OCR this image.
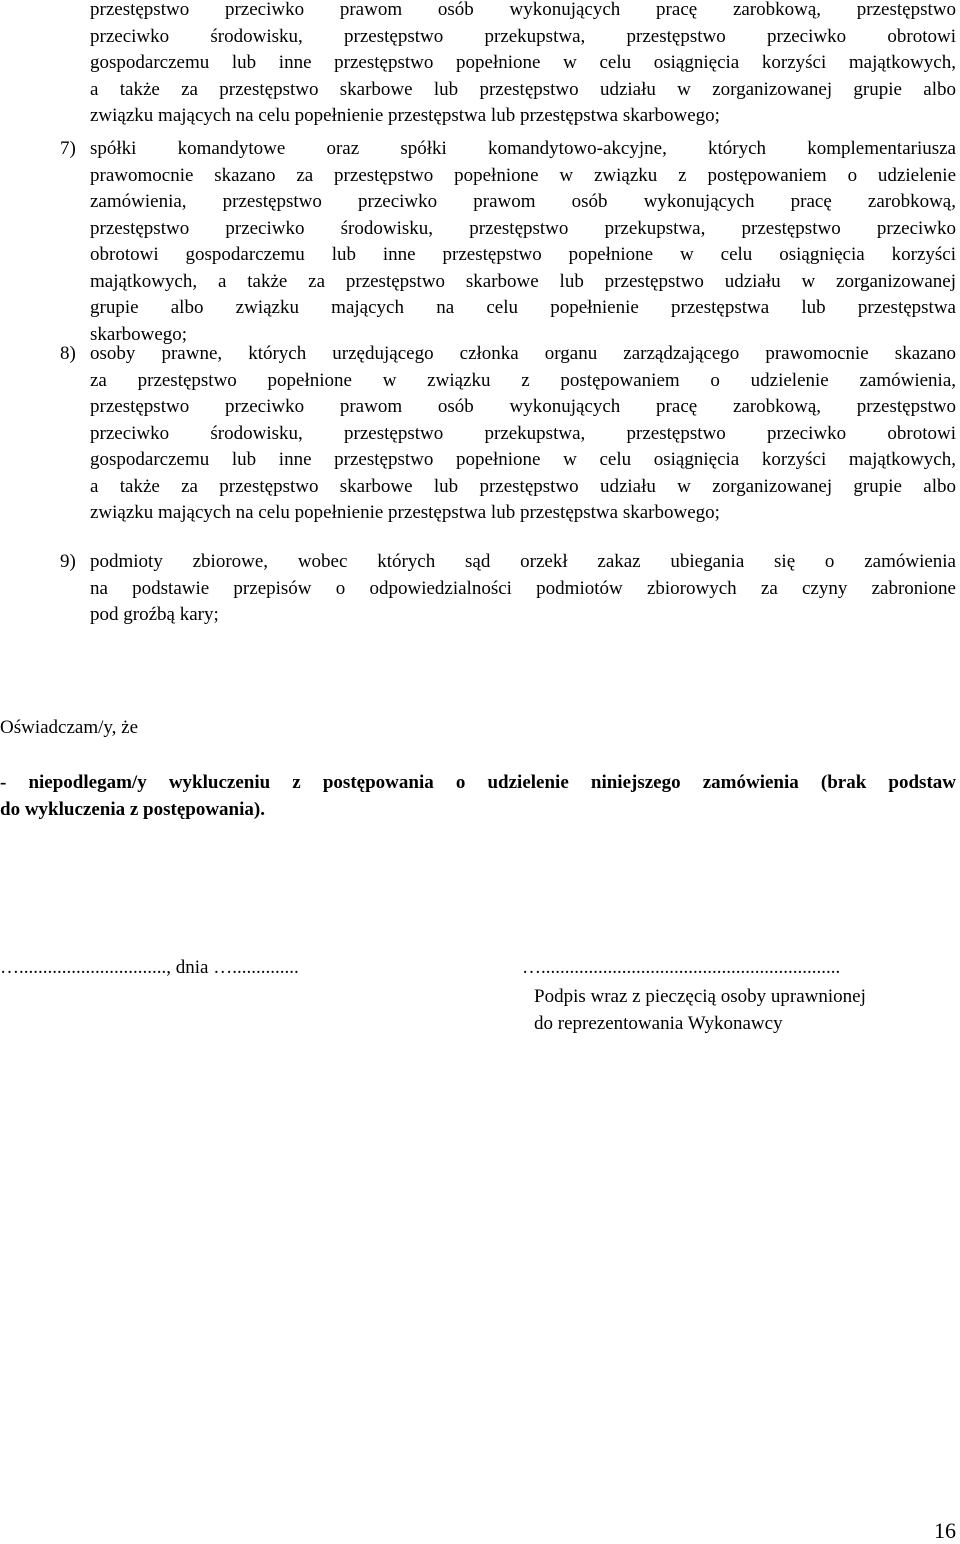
przestępstwo przeciwko prawom osób wykonujących pracę zarobkową, przestępstwo
przeciwko środowisku, przestępstwo przekupstwa, przestępstwo przeciwko obrotowi
gospodarczemu lub inne przestępstwo popełnione w celu osiągnięcia korzyści majątkowych,
a także za przestępstwo skarbowe lub przestępstwo udziału w zorganizowanej grupie albo
związku mających na celu popełnienie przestępstwa lub przestępstwa skarbowego;
7) spółki komandytowe oraz spółki komandytowo-akcyjne, których komplementariusza
prawomocnie skazano za przestępstwo popełnione w związku z postępowaniem o udzielenie
zamówienia, przestępstwo przeciwko prawom osób wykonujących pracę zarobkową,
przestępstwo przeciwko środowisku, przestępstwo przekupstwa, przestępstwo przeciwko
obrotowi gospodarczemu lub inne przestępstwo popełnione w celu osiągnięcia korzyści
majątkowych, a także za przestępstwo skarbowe lub przestępstwo udziału w zorganizowanej
grupie albo związku mających na celu popełnienie przestępstwa lub przestępstwa
skarbowego;
8) osoby prawne, których urzędującego członka organu zarządzającego prawomocnie skazano
za przestępstwo popełnione w związku z postępowaniem o udzielenie zamówienia,
przestępstwo przeciwko prawom osób wykonujących pracę zarobkową, przestępstwo
przeciwko środowisku, przestępstwo przekupstwa, przestępstwo przeciwko obrotowi
gospodarczemu lub inne przestępstwo popełnione w celu osiągnięcia korzyści majątkowych,
a także za przestępstwo skarbowe lub przestępstwo udziału w zorganizowanej grupie albo
związku mających na celu popełnienie przestępstwa lub przestępstwa skarbowego;
9) podmioty zbiorowe, wobec których sąd orzekł zakaz ubiegania się o zamówienia
na podstawie przepisów o odpowiedzialności podmiotów zbiorowych za czyny zabronione
pod groźbą kary;
Oświadczam/y, że
- niepodlegam/y wykluczeniu z postępowania o udzielenie niniejszego zamówienia (brak podstaw
do wykluczenia z postępowania).
…..............................., dnia …..............	…...............................................................
Podpis wraz z pieczęcią osoby uprawnionej
do reprezentowania Wykonawcy
16
